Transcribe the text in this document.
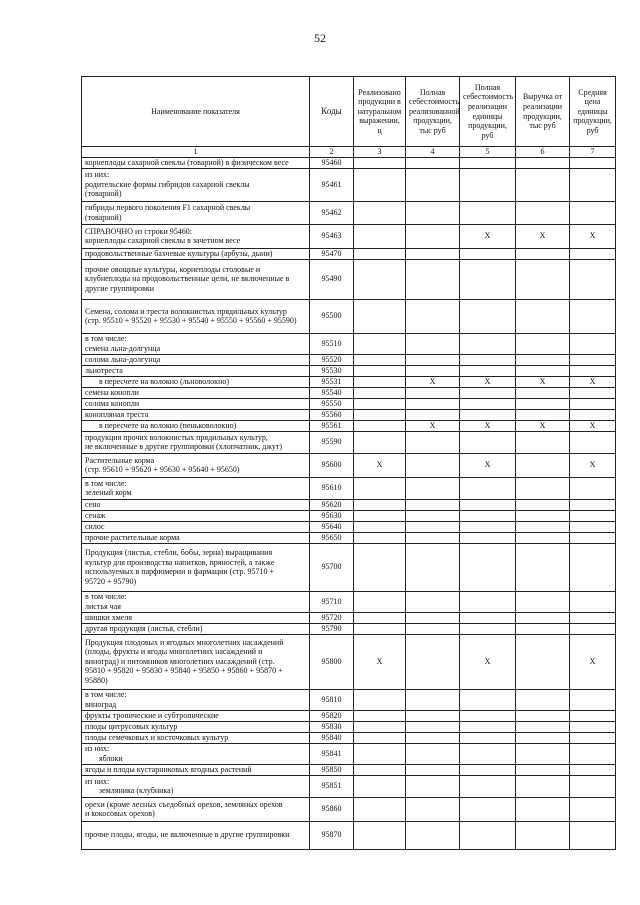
52
Наименование показателя	Коды	Реализовано продукции в натуральном выражении, ц	Полная себестоимость реализованной продукции, тыс руб	Полная себестоимость реализации единицы продукции, руб	Выручка от реализации продукции, тыс руб	Средняя цена единицы продукции, руб
1	2	3	4	5	6	7

корнеплоды сахарной свеклы (товарной) в физическом весе	95460					

из них:
родительские формы гибридов сахарной свеклы
(товарной)	95461					

гибриды первого поколения F1 сахарной свеклы
(товарной)	95462					

СПРАВОЧНО из строки 95460:
корнеплоды сахарной свеклы в зачетном весе	95463			X	X	X

продовольственные бахчевые культуры (арбузы, дыни)	95470					

прочие овощные культуры, корнеплоды столовые и
клубнеплоды на продовольственные цели, не включенные в
другие группировки	95490					

Семена, солома и треста волокнистых прядильных культур
(стр. 95510 + 95520 + 95530 + 95540 + 95550 + 95560 + 95590)	95500					

в том числе:
семена льна-долгунца	95510					

солома льна-долгунца	95520					

льнотреста	95530					

в пересчете на волокно (льноволокно)	95531		X	X	X	X

семена конопли	95540					

солома конопли	95550					

конопляная треста	95560					

в пересчете на волокно (пеньковолокно)	95561		X	X	X	X

продукция прочих волокнистых прядильных культур,
не включенные в другие группировки (хлопчатник, джут)	95590					

Растительные корма
(стр. 95610 + 95620 + 95630 + 95640 + 95650)	95600	X		X		X

в том числе:
зеленый корм	95610					

сено	95620					

сенаж	95630					

силос	95640					

прочие растительные корма	95650					

Продукция (листья, стебли, бобы, зерна) выращивания
культур для производства напитков, пряностей, а также
используемых в парфюмерии и фармации (стр. 95710 +
95720 + 95790)	95700					

в том числе:
листья чая	95710					

шишки хмеля	95720					

другая продукция (листья, стебли)	95790					

Продукция плодовых и ягодных многолетних насаждений
(плоды, фрукты и ягоды многолетних насаждений и
виноград) и питомников многолетних насаждений (стр.
95810 + 95820 + 95830 + 95840 + 95850 + 95860 + 95870 +
95880)	95800	X		X		X

в том числе:
виноград	95810					

фрукты тропические и субтропические	95820					

плоды цитрусовых культур	95830					

плоды семечковых и косточковых культур	95840					

из них:
яблоки	95841					

ягоды и плоды кустарниковых ягодных растений	95850					

из них:
земляника (клубника)	95851					

орехи (кроме лесных съедобных орехов, земляных орехов
и кокосовых орехов)	95860					

прочие плоды, ягоды, не включенные в другие группировки	95870					
